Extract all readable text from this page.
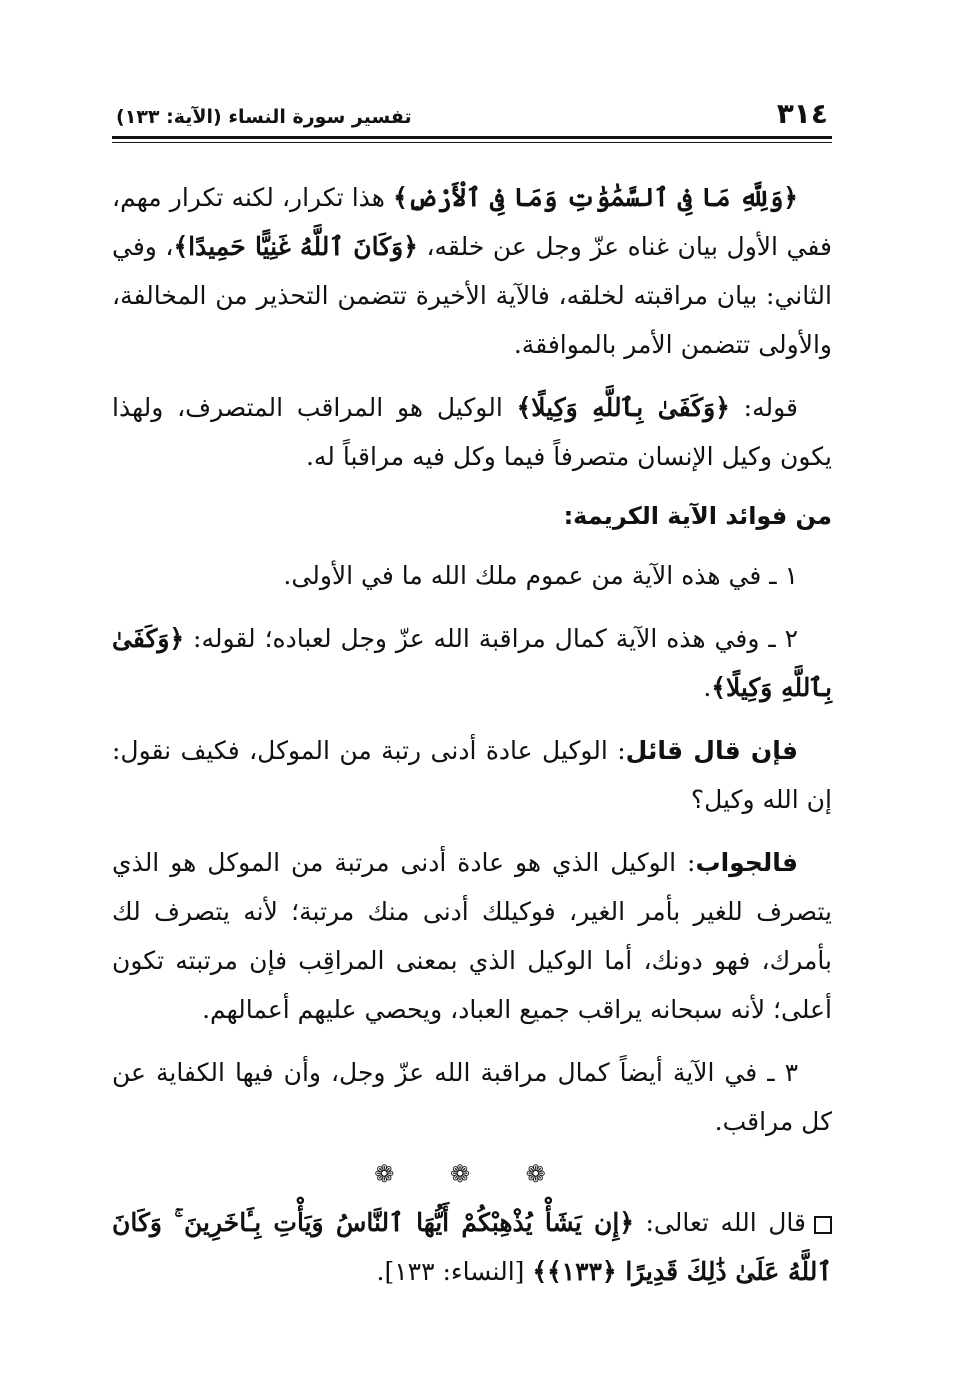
٣١٤
تفسير سورة النساء (الآية: ١٣٣)

﴿وَلِلَّهِ مَا فِى ٱلسَّمَٰوَٰتِ وَمَا فِى ٱلْأَرْضِ﴾ هذا تكرار، لكنه تكرار مهم، ففي الأول بيان غناه عزّ وجل عن خلقه، ﴿وَكَانَ ٱللَّهُ غَنِيًّا حَمِيدًا﴾، وفي الثاني: بيان مراقبته لخلقه، فالآية الأخيرة تتضمن التحذير من المخالفة، والأولى تتضمن الأمر بالموافقة.

قوله: ﴿وَكَفَىٰ بِٱللَّهِ وَكِيلًا﴾ الوكيل هو المراقب المتصرف، ولهذا يكون وكيل الإنسان متصرفاً فيما وكل فيه مراقباً له.

من فوائد الآية الكريمة:

١ ـ في هذه الآية من عموم ملك الله ما في الأولى.

٢ ـ وفي هذه الآية كمال مراقبة الله عزّ وجل لعباده؛ لقوله: ﴿وَكَفَىٰ بِٱللَّهِ وَكِيلًا﴾.

فإن قال قائل: الوكيل عادة أدنى رتبة من الموكل، فكيف نقول: إن الله وكيل؟

فالجواب: الوكيل الذي هو عادة أدنى مرتبة من الموكل هو الذي يتصرف للغير بأمر الغير، فوكيلك أدنى منك مرتبة؛ لأنه يتصرف لك بأمرك، فهو دونك، أما الوكيل الذي بمعنى المراقِب فإن مرتبته تكون أعلى؛ لأنه سبحانه يراقب جميع العباد، ويحصي عليهم أعمالهم.

٣ ـ في الآية أيضاً كمال مراقبة الله عزّ وجل، وأن فيها الكفاية عن كل مراقب.

❁ ❁ ❁

قال الله تعالى: ﴿إِن يَشَأْ يُذْهِبْكُمْ أَيُّهَا ٱلنَّاسُ وَيَأْتِ بِـَٔاخَرِينَ ۚ وَكَانَ ٱللَّهُ عَلَىٰ ذَٰلِكَ قَدِيرًا ﴿١٣٣﴾﴾ [النساء: ١٣٣].
